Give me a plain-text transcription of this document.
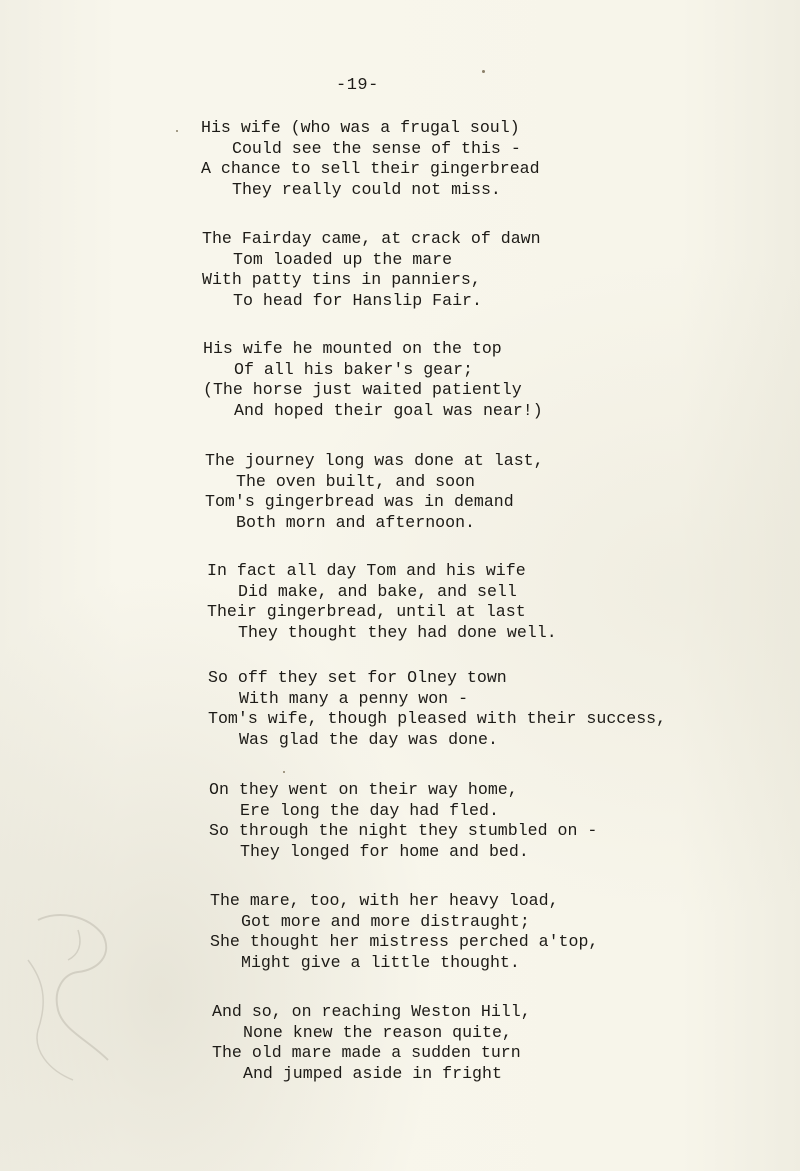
-19-
His wife (who was a frugal soul)
Could see the sense of this -
A chance to sell their gingerbread
They really could not miss.
The Fairday came, at crack of dawn
Tom loaded up the mare
With patty tins in panniers,
To head for Hanslip Fair.
His wife he mounted on the top
Of all his baker's gear;
(The horse just waited patiently
And hoped their goal was near!)
The journey long was done at last,
The oven built, and soon
Tom's gingerbread was in demand
Both morn and afternoon.
In fact all day Tom and his wife
Did make, and bake, and sell
Their gingerbread, until at last
They thought they had done well.
So off they set for Olney town
With many a penny won -
Tom's wife, though pleased with their success,
Was glad the day was done.
On they went on their way home,
Ere long the day had fled.
So through the night they stumbled on -
They longed for home and bed.
The mare, too, with her heavy load,
Got more and more distraught;
She thought her mistress perched a'top,
Might give a little thought.
And so, on reaching Weston Hill,
None knew the reason quite,
The old mare made a sudden turn
And jumped aside in fright
